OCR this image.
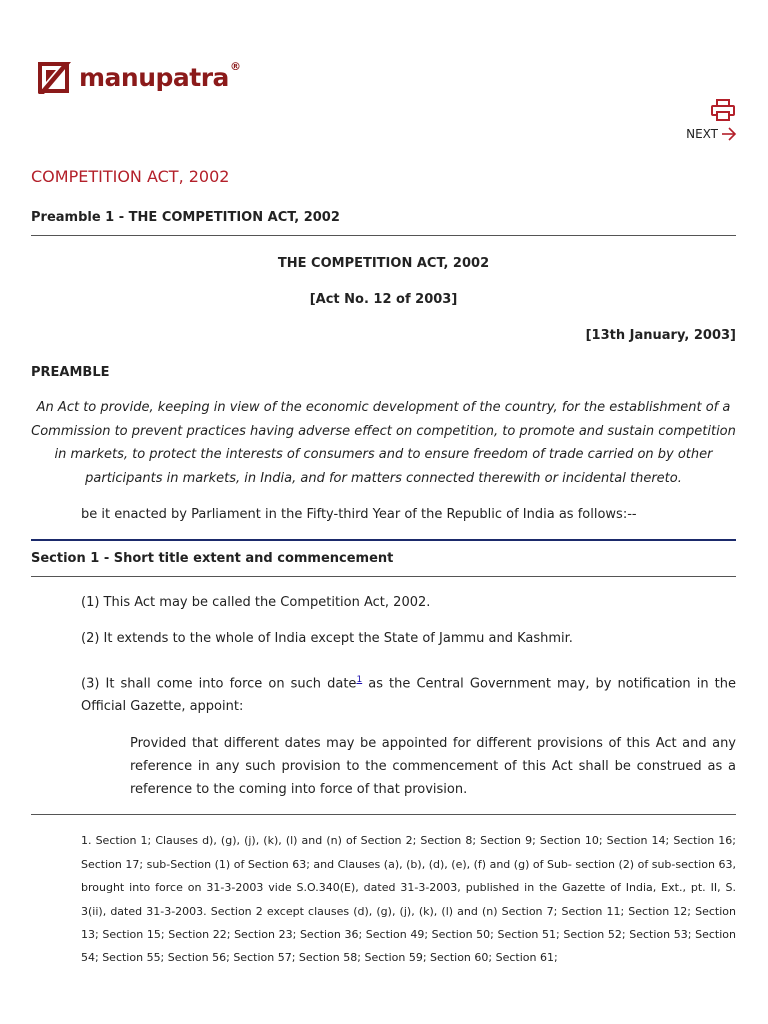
manupatra®
NEXT
COMPETITION ACT, 2002

Preamble 1 - THE COMPETITION ACT, 2002

THE COMPETITION ACT, 2002

[Act No. 12 of 2003]

[13th January, 2003]

PREAMBLE

An Act to provide, keeping in view of the economic development of the country, for the establishment of a Commission to prevent practices having adverse effect on competition, to promote and sustain competition in markets, to protect the interests of consumers and to ensure freedom of trade carried on by other participants in markets, in India, and for matters connected therewith or incidental thereto.

be it enacted by Parliament in the Fifty-third Year of the Republic of India as follows:--

Section 1 - Short title extent and commencement

(1) This Act may be called the Competition Act, 2002.

(2) It extends to the whole of India except the State of Jammu and Kashmir.

(3) It shall come into force on such date$^1$ as the Central Government may, by notification in the Official Gazette, appoint:

Provided that different dates may be appointed for different provisions of this Act and any reference in any such provision to the commencement of this Act shall be construed as a reference to the coming into force of that provision.

1. Section 1; Clauses d), (g), (j), (k), (l) and (n) of Section 2; Section 8; Section 9; Section 10; Section 14; Section 16; Section 17; sub-Section (1) of Section 63; and Clauses (a), (b), (d), (e), (f) and (g) of Sub- section (2) of sub-section 63, brought into force on 31-3-2003 vide S.O.340(E), dated 31-3-2003, published in the Gazette of India, Ext., pt. II, S. 3(ii), dated 31-3-2003. Section 2 except clauses (d), (g), (j), (k), (l) and (n) Section 7; Section 11; Section 12; Section 13; Section 15; Section 22; Section 23; Section 36; Section 49; Section 50; Section 51; Section 52; Section 53; Section 54; Section 55; Section 56; Section 57; Section 58; Section 59; Section 60; Section 61;
